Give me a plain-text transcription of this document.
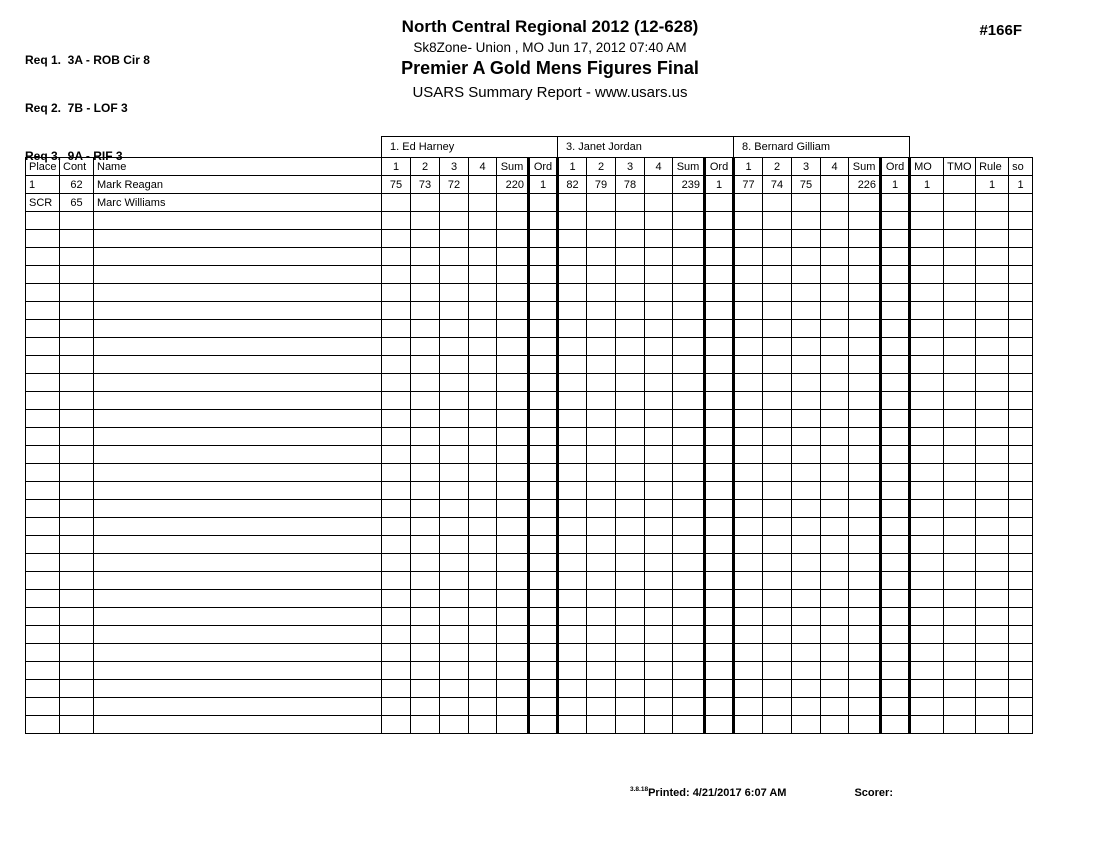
Req 1.  3A - ROB Cir 8

Req 2.  7B - LOF 3

Req 3.  9A - RIF 3

North Central Regional 2012 (12-628)
Sk8Zone- Union , MO Jun 17, 2012 07:40 AM
Premier A Gold Mens Figures Final
USARS Summary Report - www.usars.us
#166F
			1. Ed Harney						3. Janet Jordan						8. Bernard Gilliam									
Place	Cont	Name	1	2	3	4	Sum	Ord	1	2	3	4	Sum	Ord	1	2	3	4	Sum	Ord	MO	TMO	Rule	so
1	62	Mark Reagan	75	73	72		220	1	82	79	78		239	1	77	74	75		226	1	1		1	1
SCR	65	Marc Williams																						

$^{3.8.18}$Printed: 4/21/2017 6:07 AM	Scorer:
